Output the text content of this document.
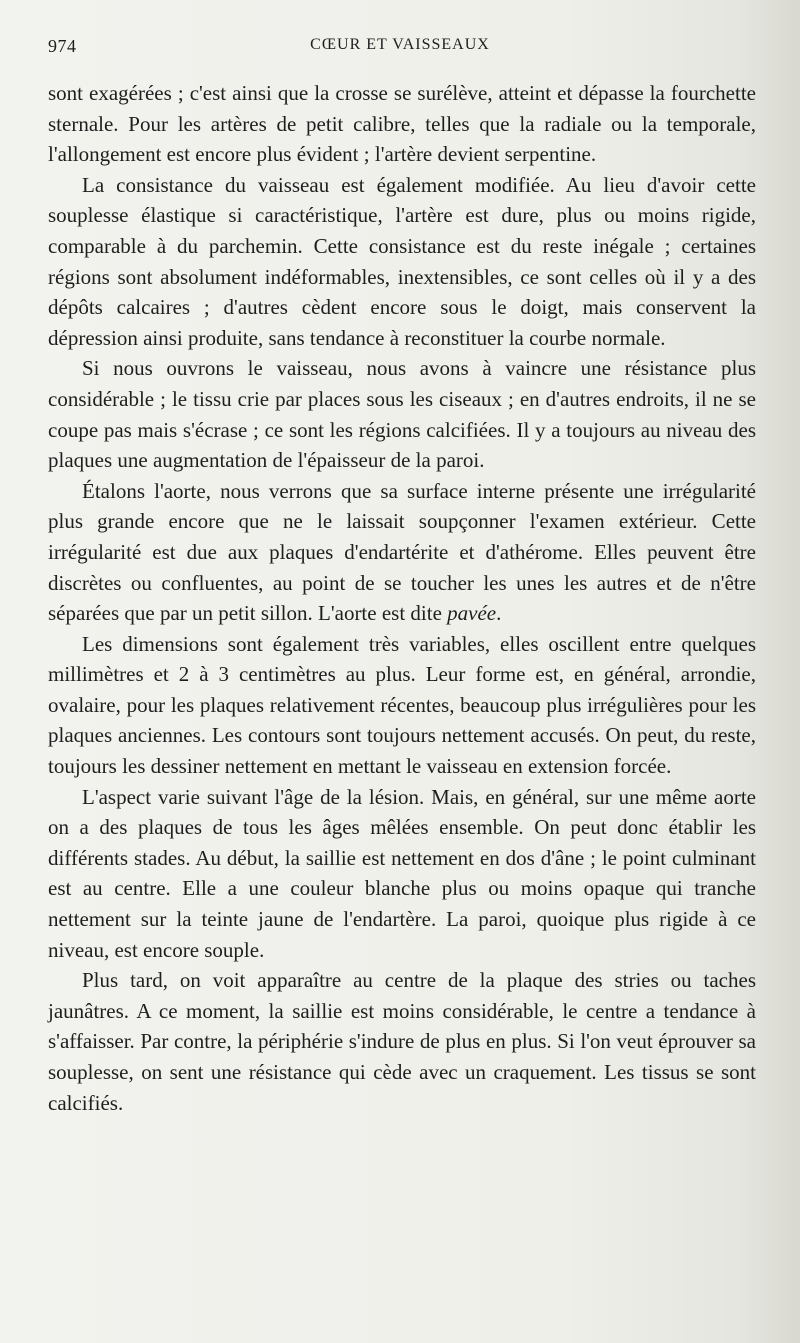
974	CŒUR ET VAISSEAUX

sont exagérées ; c'est ainsi que la crosse se surélève, atteint et dépasse la fourchette sternale. Pour les artères de petit calibre, telles que la radiale ou la temporale, l'allongement est encore plus évident ; l'artère devient serpentine.

La consistance du vaisseau est également modifiée. Au lieu d'avoir cette souplesse élastique si caractéristique, l'artère est dure, plus ou moins rigide, comparable à du parchemin. Cette consistance est du reste inégale ; certaines régions sont absolument indéformables, inextensibles, ce sont celles où il y a des dépôts calcaires ; d'autres cèdent encore sous le doigt, mais conservent la dépression ainsi produite, sans tendance à reconstituer la courbe normale.

Si nous ouvrons le vaisseau, nous avons à vaincre une résistance plus considérable ; le tissu crie par places sous les ciseaux ; en d'autres endroits, il ne se coupe pas mais s'écrase ; ce sont les régions calcifiées. Il y a toujours au niveau des plaques une augmentation de l'épaisseur de la paroi.

Étalons l'aorte, nous verrons que sa surface interne présente une irrégularité plus grande encore que ne le laissait soupçonner l'examen extérieur. Cette irrégularité est due aux plaques d'endartérite et d'athérome. Elles peuvent être discrètes ou confluentes, au point de se toucher les unes les autres et de n'être séparées que par un petit sillon. L'aorte est dite pavée.

Les dimensions sont également très variables, elles oscillent entre quelques millimètres et 2 à 3 centimètres au plus. Leur forme est, en général, arrondie, ovalaire, pour les plaques relativement récentes, beaucoup plus irrégulières pour les plaques anciennes. Les contours sont toujours nettement accusés. On peut, du reste, toujours les dessiner nettement en mettant le vaisseau en extension forcée.

L'aspect varie suivant l'âge de la lésion. Mais, en général, sur une même aorte on a des plaques de tous les âges mêlées ensemble. On peut donc établir les différents stades. Au début, la saillie est nettement en dos d'âne ; le point culminant est au centre. Elle a une couleur blanche plus ou moins opaque qui tranche nettement sur la teinte jaune de l'endartère. La paroi, quoique plus rigide à ce niveau, est encore souple.

Plus tard, on voit apparaître au centre de la plaque des stries ou taches jaunâtres. A ce moment, la saillie est moins considérable, le centre a tendance à s'affaisser. Par contre, la périphérie s'indure de plus en plus. Si l'on veut éprouver sa souplesse, on sent une résistance qui cède avec un craquement. Les tissus se sont calcifiés.
